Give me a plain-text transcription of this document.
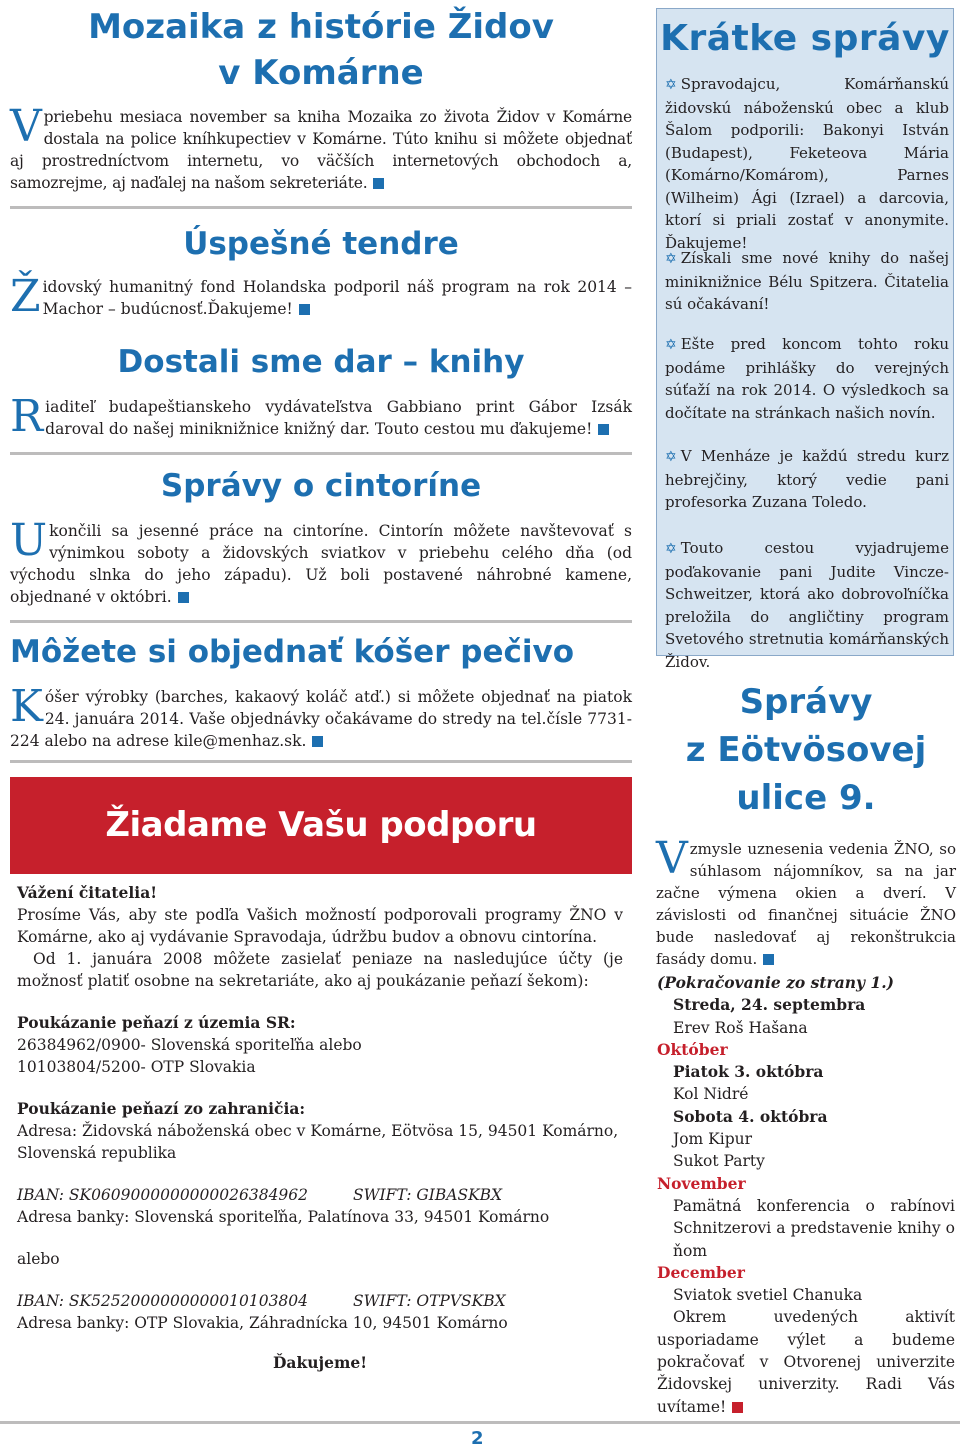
Mozaika z histórie Židov
v Komárne

Vpriebehu mesiaca november sa kniha Mozaika zo života Židov v Komárne dostala na police kníhkupectiev v Komárne. Túto knihu si môžete objednať aj prostredníctvom internetu, vo väčších internetových obchodoch a, samozrejme, aj naďalej na našom sekreteriáte.

Úspešné tendre

Židovský humanitný fond Holandska podporil náš program na rok 2014 – Machor – budúcnosť.Ďakujeme!

Dostali sme dar – knihy

Riaditeľ budapeštianskeho vydávateľstva Gabbiano print Gábor Izsák daroval do našej miniknižnice knižný dar. Touto cestou mu ďakujeme!

Správy o cintoríne

Ukončili sa jesenné práce na cintoríne. Cintorín môžete navštevovať s výnimkou soboty a židovských sviatkov v priebehu celého dňa (od východu slnka do jeho západu). Už boli postavené náhrobné kamene, objednané v októbri.

Môžete si objednať kóšer pečivo

Kóšer výrobky (barches, kakaový koláč atď.) si môžete objednať na piatok 24. januára 2014. Vaše objednávky očakávame do stredy na tel.čísle 7731-224 alebo na adrese kile@menhaz.sk.

Žiadame Vašu podporu
Vážení čitatelia!
Prosíme Vás, aby ste podľa Vašich možností podporovali programy ŽNO v Komárne, ako aj vydávanie Spravodaja, údržbu budov a obnovu cintorína.
Od 1. januára 2008 môžete zasielať peniaze na nasledujúce účty (je možnosť platiť osobne na sekretariáte, ako aj poukázanie peňazí šekom):
Poukázanie peňazí z územia SR:
26384962/0900- Slovenská sporiteľňa alebo
10103804/5200- OTP Slovakia
Poukázanie peňazí zo zahraničia:
Adresa: Židovská náboženská obec v Komárne, Eötvösa 15, 94501 Komárno, Slovenská republika
IBAN: SK0609000000000026384962	SWIFT: GIBASKBX
Adresa banky: Slovenská sporiteľňa, Palatínova 33, 94501 Komárno
alebo
IBAN: SK5252000000000010103804	SWIFT: OTPVSKBX
Adresa banky: OTP Slovakia, Záhradnícka 10, 94501 Komárno
Ďakujeme!
Krátke správy
✡ Spravodajcu, Komárňanskú židovskú náboženskú obec a klub Šalom podporili: Bakonyi István (Budapest), Feketeova Mária (Komárno/Komárom), Parnes (Wilheim) Ági (Izrael) a darcovia, ktorí si priali zostať v anonymite. Ďakujeme!
✡ Získali sme nové knihy do našej miniknižnice Bélu Spitzera. Čitatelia sú očakávaní!
✡ Ešte pred koncom tohto roku podáme prihlášky do verejných súťaží na rok 2014. O výsledkoch sa dočítate na stránkach našich novín.
✡ V Menháze je každú stredu kurz hebrejčiny, ktorý vedie pani profesorka Zuzana Toledo.
✡ Touto cestou vyjadrujeme poďakovanie pani Judite Vincze-Schweitzer, ktorá ako dobrovoľníčka preložila do angličtiny program Svetového stretnutia komárňanských Židov.
Správy
z Eötvösovej
ulice 9.

Vzmysle uznesenia vedenia ŽNO, so súhlasom nájomníkov, sa na jar začne výmena okien a dverí. V závislosti od finančnej situácie ŽNO bude nasledovať aj rekonštrukcia fasády domu.

(Pokračovanie zo strany 1.)
Streda, 24. septembra
Erev Roš Hašana
Október
Piatok 3. októbra
Kol Nidré
Sobota 4. októbra
Jom Kipur
Sukot Party
November
Pamätná konferencia o rabínovi Schnitzerovi a predstavenie knihy o ňom
December
Sviatok svetiel Chanuka
Okrem uvedených aktivít usporiadame výlet a budeme pokračovať v Otvorenej univerzite Židovskej univerzity. Radi Vás uvítame!
2
